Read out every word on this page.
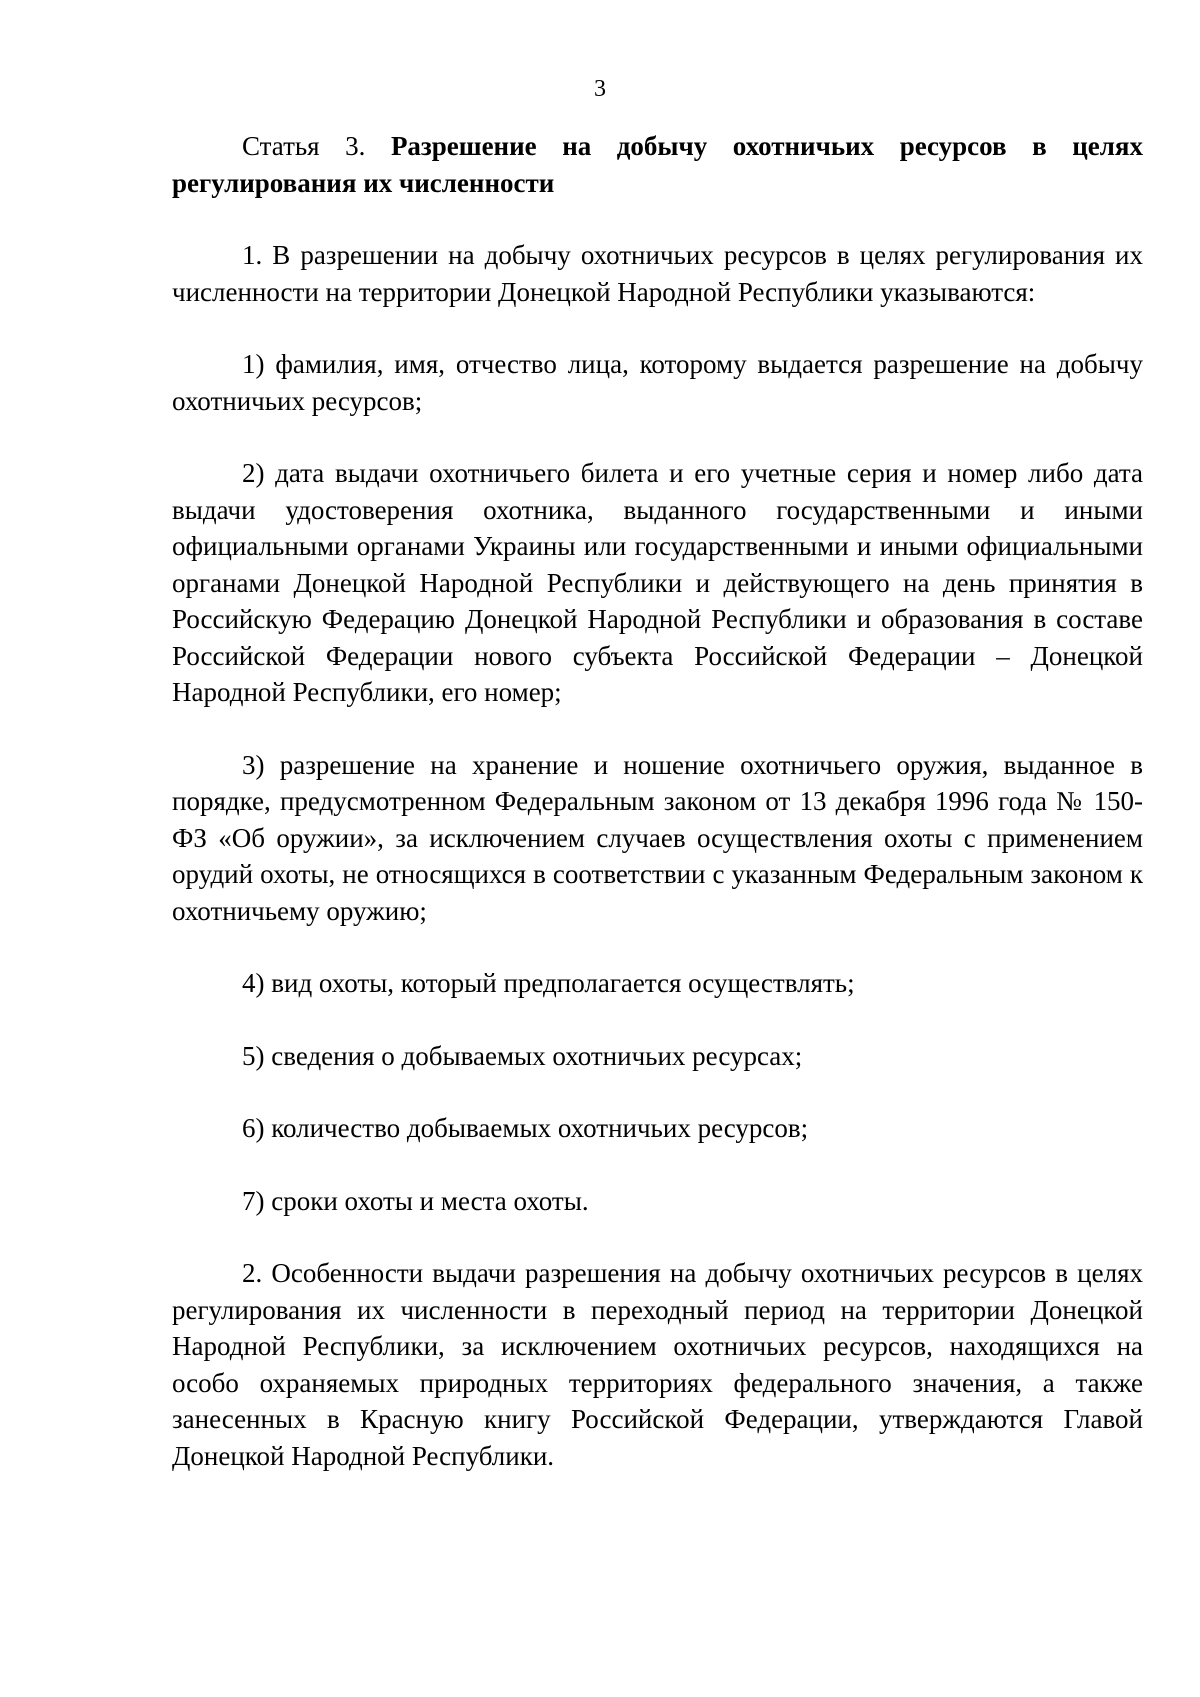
3

Статья 3. Разрешение на добычу охотничьих ресурсов в целях регулирования их численности

1. В разрешении на добычу охотничьих ресурсов в целях регулирования их численности на территории Донецкой Народной Республики указываются:

1) фамилия, имя, отчество лица, которому выдается разрешение на добычу охотничьих ресурсов;

2) дата выдачи охотничьего билета и его учетные серия и номер либо дата выдачи удостоверения охотника, выданного государственными и иными официальными органами Украины или государственными и иными официальными органами Донецкой Народной Республики и действующего на день принятия в Российскую Федерацию Донецкой Народной Республики и образования в составе Российской Федерации нового субъекта Российской Федерации – Донецкой Народной Республики, его номер;

3) разрешение на хранение и ношение охотничьего оружия, выданное в порядке, предусмотренном Федеральным законом от 13 декабря 1996 года № 150-ФЗ «Об оружии», за исключением случаев осуществления охоты с применением орудий охоты, не относящихся в соответствии с указанным Федеральным законом к охотничьему оружию;

4) вид охоты, который предполагается осуществлять;

5) сведения о добываемых охотничьих ресурсах;

6) количество добываемых охотничьих ресурсов;

7) сроки охоты и места охоты.

2. Особенности выдачи разрешения на добычу охотничьих ресурсов в целях регулирования их численности в переходный период на территории Донецкой Народной Республики, за исключением охотничьих ресурсов, находящихся на особо охраняемых природных территориях федерального значения, а также занесенных в Красную книгу Российской Федерации, утверждаются Главой Донецкой Народной Республики.
